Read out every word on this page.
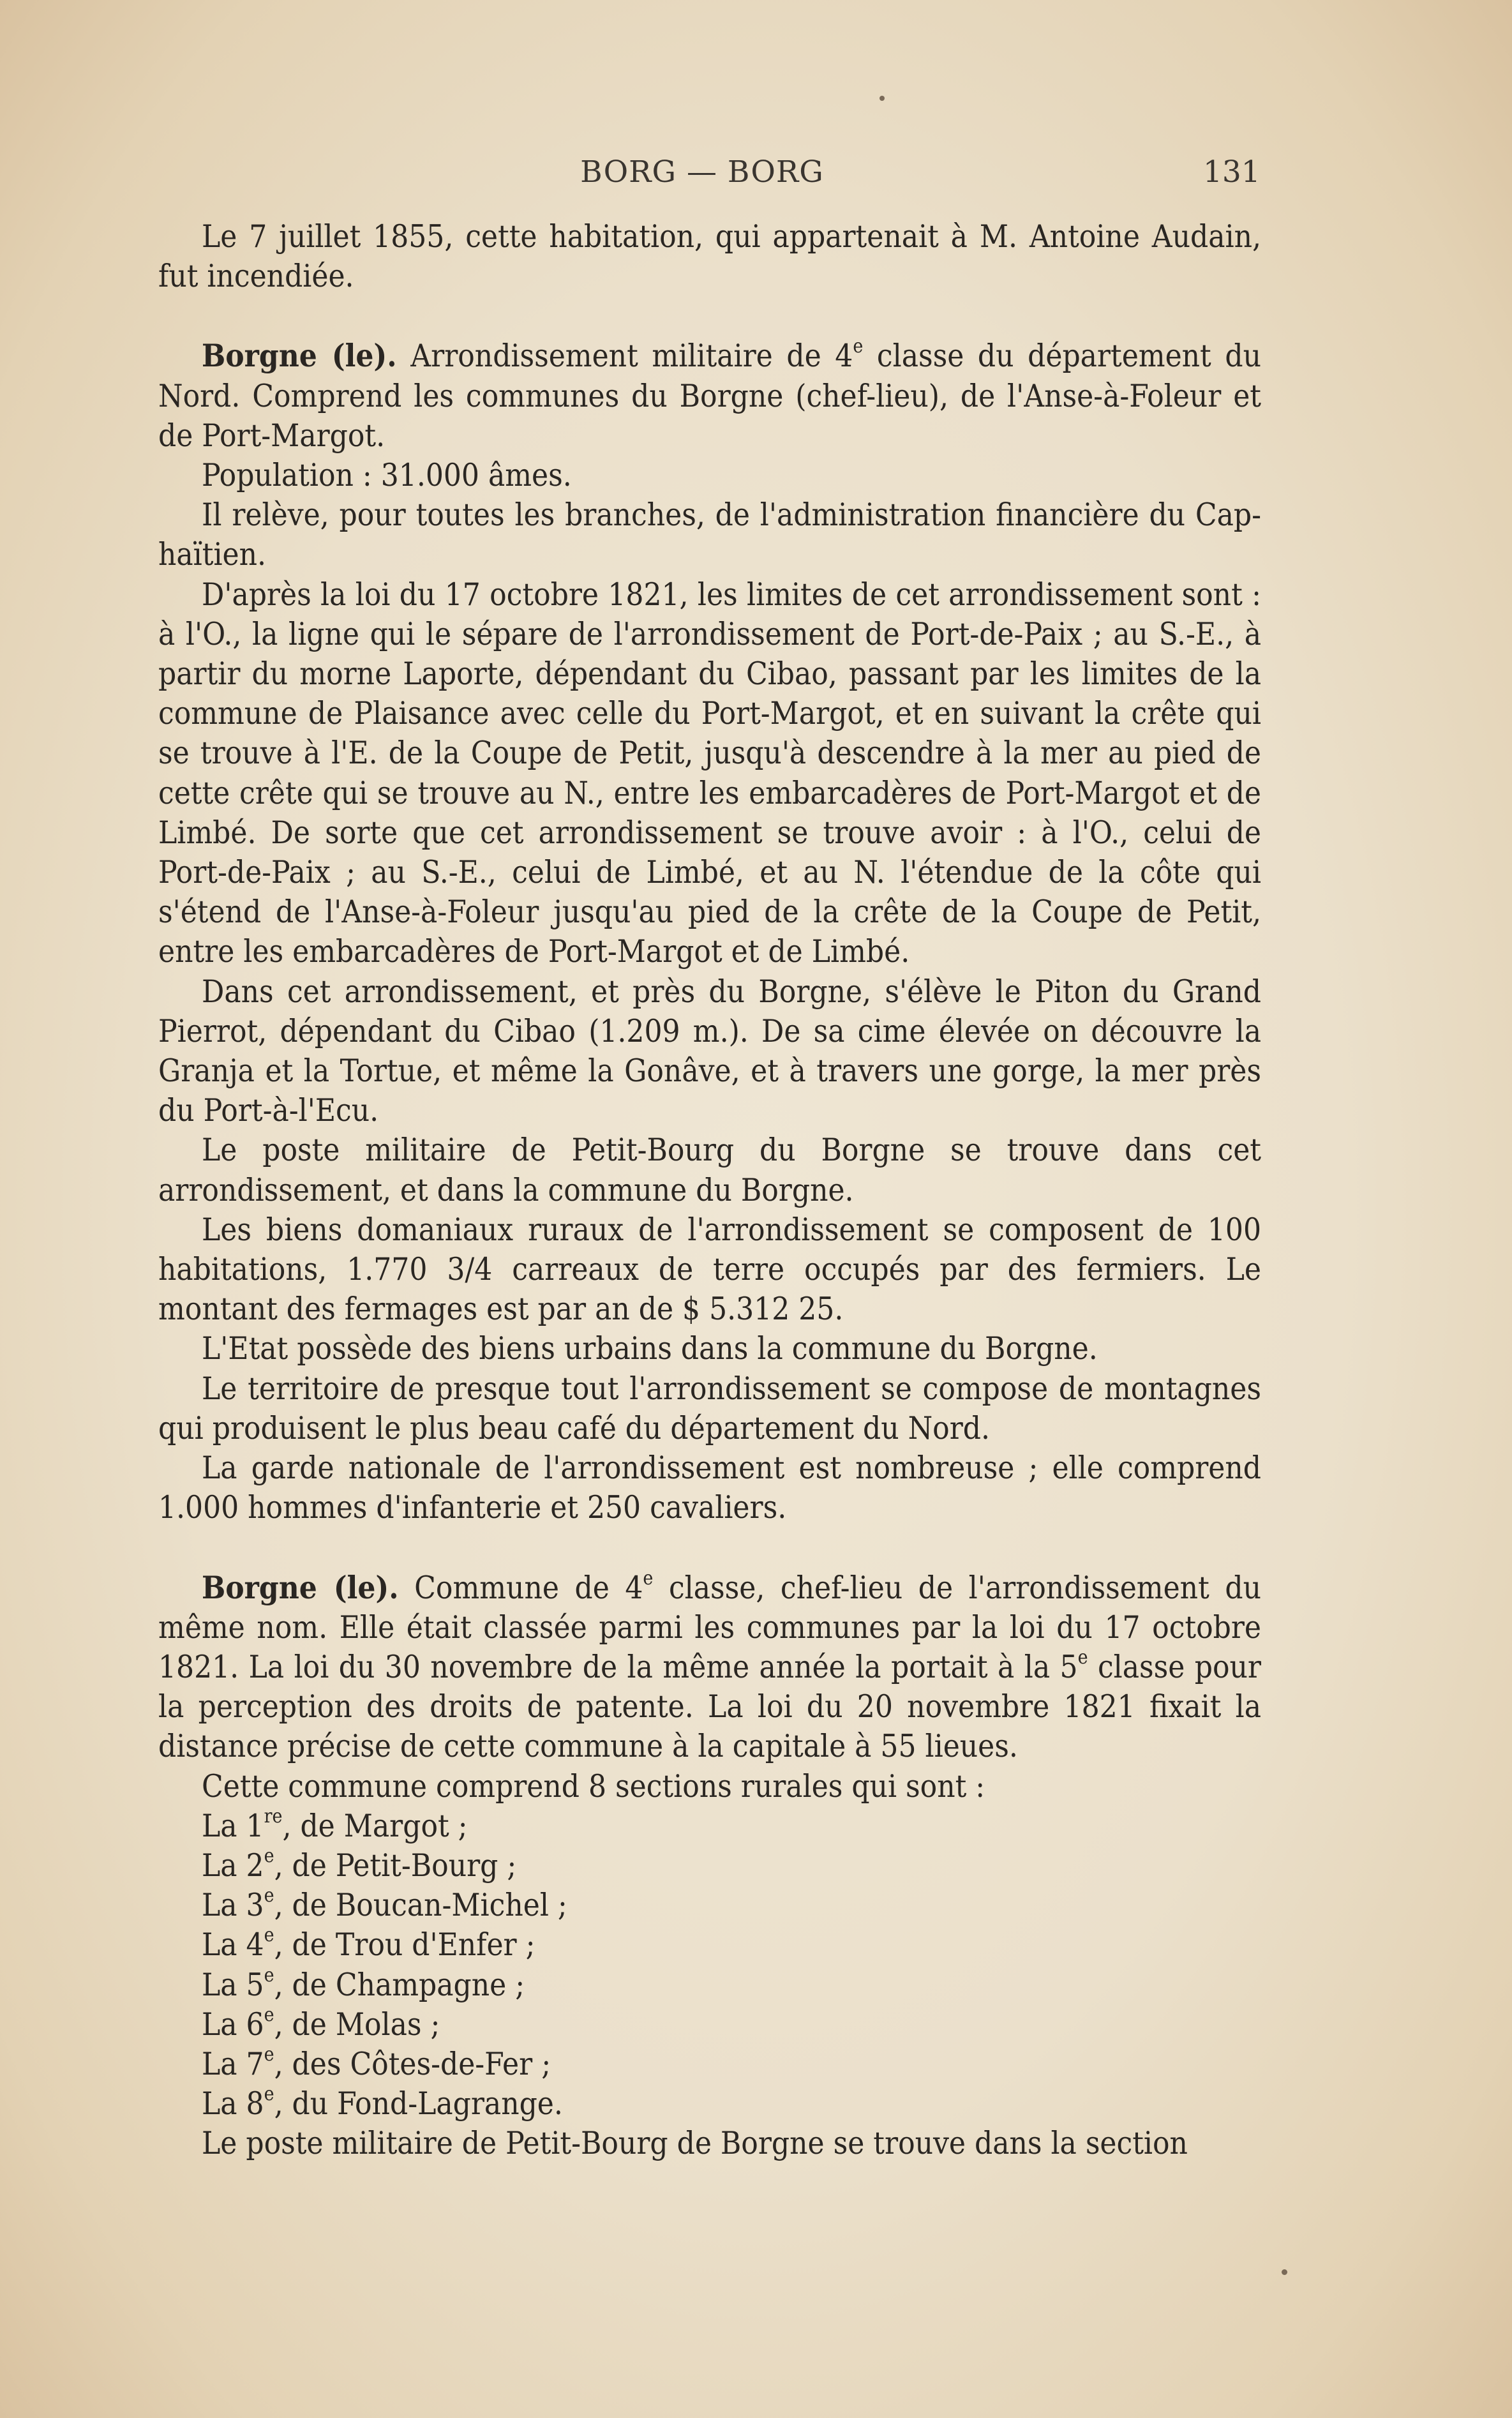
BORG — BORG	131

Le 7 juillet 1855, cette habitation, qui appartenait à M. Antoine Audain, fut incendiée.

Borgne (le). Arrondissement militaire de 4e classe du département du Nord. Comprend les communes du Borgne (chef-lieu), de l'Anse-à-Foleur et de Port-Margot.

Population : 31.000 âmes.

Il relève, pour toutes les branches, de l'administration financière du Cap-haïtien.

D'après la loi du 17 octobre 1821, les limites de cet arrondissement sont : à l'O., la ligne qui le sépare de l'arrondissement de Port-de-Paix ; au S.-E., à partir du morne Laporte, dépendant du Cibao, passant par les limites de la commune de Plaisance avec celle du Port-Margot, et en suivant la crête qui se trouve à l'E. de la Coupe de Petit, jusqu'à descendre à la mer au pied de cette crête qui se trouve au N., entre les embarcadères de Port-Margot et de Limbé. De sorte que cet arrondissement se trouve avoir : à l'O., celui de Port-de-Paix ; au S.-E., celui de Limbé, et au N. l'étendue de la côte qui s'étend de l'Anse-à-Foleur jusqu'au pied de la crête de la Coupe de Petit, entre les embarcadères de Port-Margot et de Limbé.

Dans cet arrondissement, et près du Borgne, s'élève le Piton du Grand Pierrot, dépendant du Cibao (1.209 m.). De sa cime élevée on découvre la Granja et la Tortue, et même la Gonâve, et à travers une gorge, la mer près du Port-à-l'Ecu.

Le poste militaire de Petit-Bourg du Borgne se trouve dans cet arrondissement, et dans la commune du Borgne.

Les biens domaniaux ruraux de l'arrondissement se composent de 100 habitations, 1.770 3/4 carreaux de terre occupés par des fermiers. Le montant des fermages est par an de $ 5.312 25.

L'Etat possède des biens urbains dans la commune du Borgne.

Le territoire de presque tout l'arrondissement se compose de montagnes qui produisent le plus beau café du département du Nord.

La garde nationale de l'arrondissement est nombreuse ; elle comprend 1.000 hommes d'infanterie et 250 cavaliers.

Borgne (le). Commune de 4e classe, chef-lieu de l'arrondissement du même nom. Elle était classée parmi les communes par la loi du 17 octobre 1821. La loi du 30 novembre de la même année la portait à la 5e classe pour la perception des droits de patente. La loi du 20 novembre 1821 fixait la distance précise de cette commune à la capitale à 55 lieues.

Cette commune comprend 8 sections rurales qui sont :

La 1re, de Margot ;
La 2e, de Petit-Bourg ;
La 3e, de Boucan-Michel ;
La 4e, de Trou d'Enfer ;
La 5e, de Champagne ;
La 6e, de Molas ;
La 7e, des Côtes-de-Fer ;
La 8e, du Fond-Lagrange.

Le poste militaire de Petit-Bourg de Borgne se trouve dans la section
